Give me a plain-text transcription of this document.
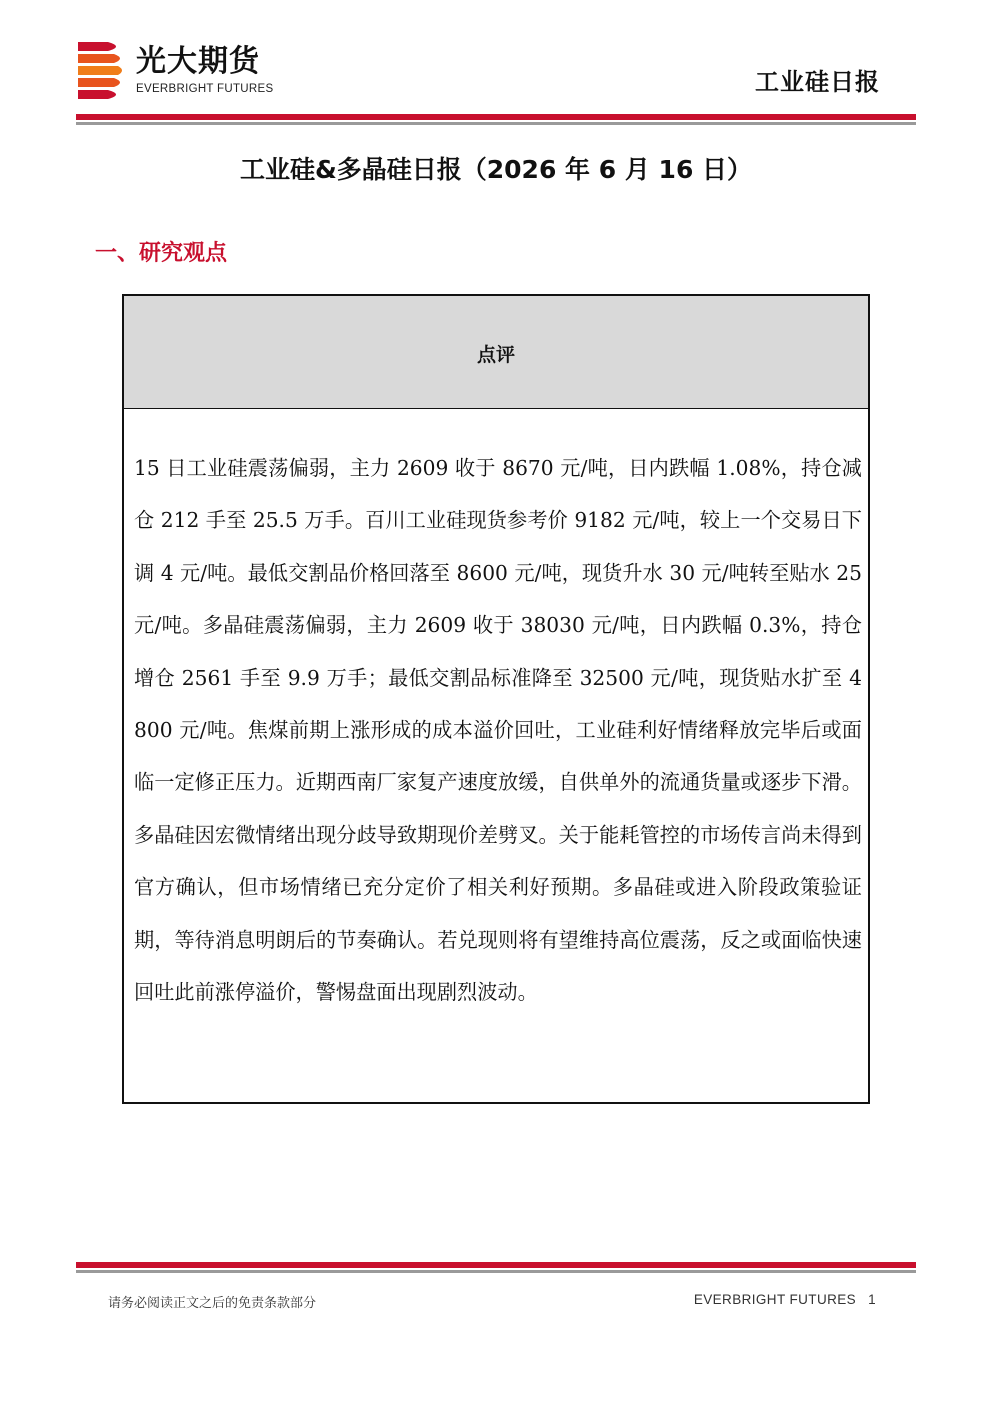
光大期货
EVERBRIGHT FUTURES	工业硅日报
工业硅&多晶硅日报（2026 年 6 月 16 日）
一、研究观点
点评
15 日工业硅震荡偏弱，主力 2609 收于 8670 元/吨，日内跌幅 1.08%，持仓减仓 212 手至 25.5 万手。百川工业硅现货参考价 9182 元/吨，较上一个交易日下调 4 元/吨。最低交割品价格回落至 8600 元/吨，现货升水 30 元/吨转至贴水 25 元/吨。多晶硅震荡偏弱，主力 2609 收于 38030 元/吨，日内跌幅 0.3%，持仓增仓 2561 手至 9.9 万手；最低交割品标准降至 32500 元/吨，现货贴水扩至 4800 元/吨。焦煤前期上涨形成的成本溢价回吐，工业硅利好情绪释放完毕后或面临一定修正压力。近期西南厂家复产速度放缓，自供单外的流通货量或逐步下滑。多晶硅因宏微情绪出现分歧导致期现价差劈叉。关于能耗管控的市场传言尚未得到官方确认，但市场情绪已充分定价了相关利好预期。多晶硅或进入阶段政策验证期，等待消息明朗后的节奏确认。若兑现则将有望维持高位震荡，反之或面临快速回吐此前涨停溢价，警惕盘面出现剧烈波动。
请务必阅读正文之后的免责条款部分	EVERBRIGHT FUTURES 1
